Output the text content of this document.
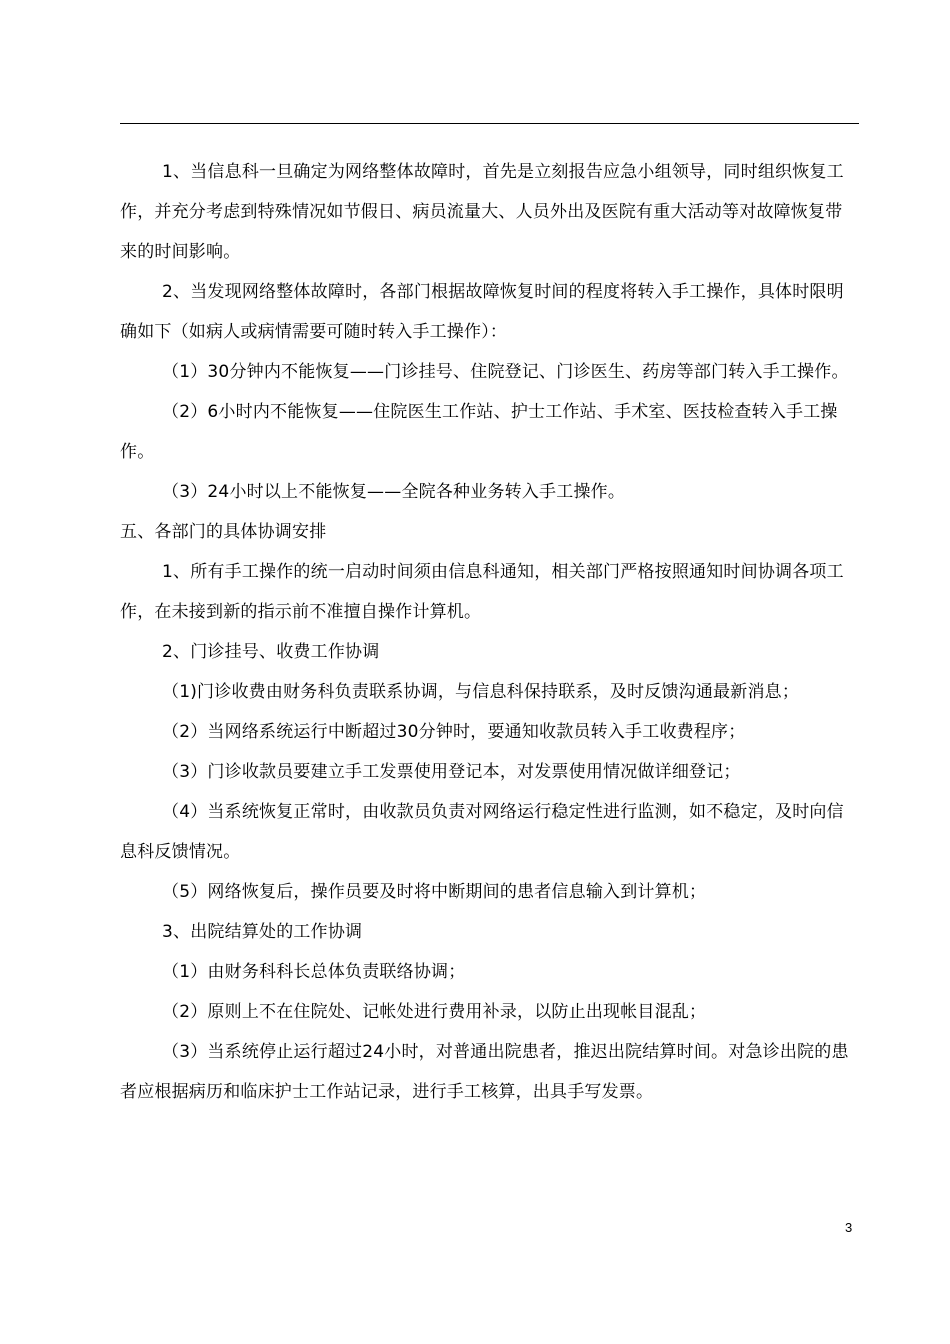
1、当信息科一旦确定为网络整体故障时，首先是立刻报告应急小组领导，同时组织恢复工作，并充分考虑到特殊情况如节假日、病员流量大、人员外出及医院有重大活动等对故障恢复带来的时间影响。

2、当发现网络整体故障时，各部门根据故障恢复时间的程度将转入手工操作，具体时限明确如下（如病人或病情需要可随时转入手工操作）：

（1）30分钟内不能恢复——门诊挂号、住院登记、门诊医生、药房等部门转入手工操作。

（2）6小时内不能恢复——住院医生工作站、护士工作站、手术室、医技检查转入手工操作。

（3）24小时以上不能恢复——全院各种业务转入手工操作。

五、各部门的具体协调安排

1、所有手工操作的统一启动时间须由信息科通知，相关部门严格按照通知时间协调各项工作，在未接到新的指示前不准擅自操作计算机。

2、门诊挂号、收费工作协调

（1)门诊收费由财务科负责联系协调，与信息科保持联系，及时反馈沟通最新消息；

（2）当网络系统运行中断超过30分钟时，要通知收款员转入手工收费程序；

（3）门诊收款员要建立手工发票使用登记本，对发票使用情况做详细登记；

（4）当系统恢复正常时，由收款员负责对网络运行稳定性进行监测，如不稳定，及时向信息科反馈情况。

（5）网络恢复后，操作员要及时将中断期间的患者信息输入到计算机；

3、出院结算处的工作协调

（1）由财务科科长总体负责联络协调；

（2）原则上不在住院处、记帐处进行费用补录，以防止出现帐目混乱；

（3）当系统停止运行超过24小时，对普通出院患者，推迟出院结算时间。对急诊出院的患者应根据病历和临床护士工作站记录，进行手工核算，出具手写发票。

3
